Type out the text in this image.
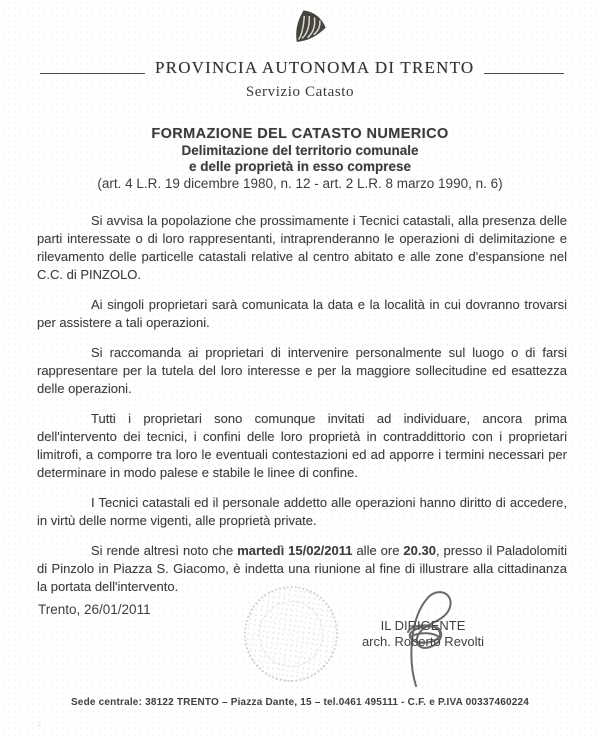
PROVINCIA AUTONOMA DI TRENTO
Servizio Catasto
FORMAZIONE DEL CATASTO NUMERICO
Delimitazione del territorio comunale
e delle proprietà in esso comprese
(art. 4 L.R. 19 dicembre 1980, n. 12 - art. 2 L.R. 8 marzo 1990, n. 6)

Si avvisa la popolazione che prossimamente i Tecnici catastali, alla presenza delle parti interessate o di loro rappresentanti, intraprenderanno le operazioni di delimitazione e rilevamento delle particelle catastali relative al centro abitato e alle zone d'espansione nel C.C. di PINZOLO.

Ai singoli proprietari sarà comunicata la data e la località in cui dovranno trovarsi per assistere a tali operazioni.

Si raccomanda ai proprietari di intervenire personalmente sul luogo o di farsi rappresentare per la tutela del loro interesse e per la maggiore sollecitudine ed esattezza delle operazioni.

Tutti i proprietari sono comunque invitati ad individuare, ancora prima dell'intervento dei tecnici, i confini delle loro proprietà in contraddittorio con i proprietari limitrofi, a comporre tra loro le eventuali contestazioni ed ad apporre i termini necessari per determinare in modo palese e stabile le linee di confine.

I Tecnici catastali ed il personale addetto alle operazioni hanno diritto di accedere, in virtù delle norme vigenti, alle proprietà private.

Si rende altresì noto che martedì 15/02/2011 alle ore 20.30, presso il Paladolomiti di Pinzolo in Piazza S. Giacomo, è indetta una riunione al fine di illustrare alla cittadinanza la portata dell'intervento.

Trento, 26/01/2011
IL DIRIGENTE
arch. Roberto Revolti
Sede centrale: 38122 TRENTO – Piazza Dante, 15 – tel.0461 495111 - C.F. e P.IVA 00337460224
.:
